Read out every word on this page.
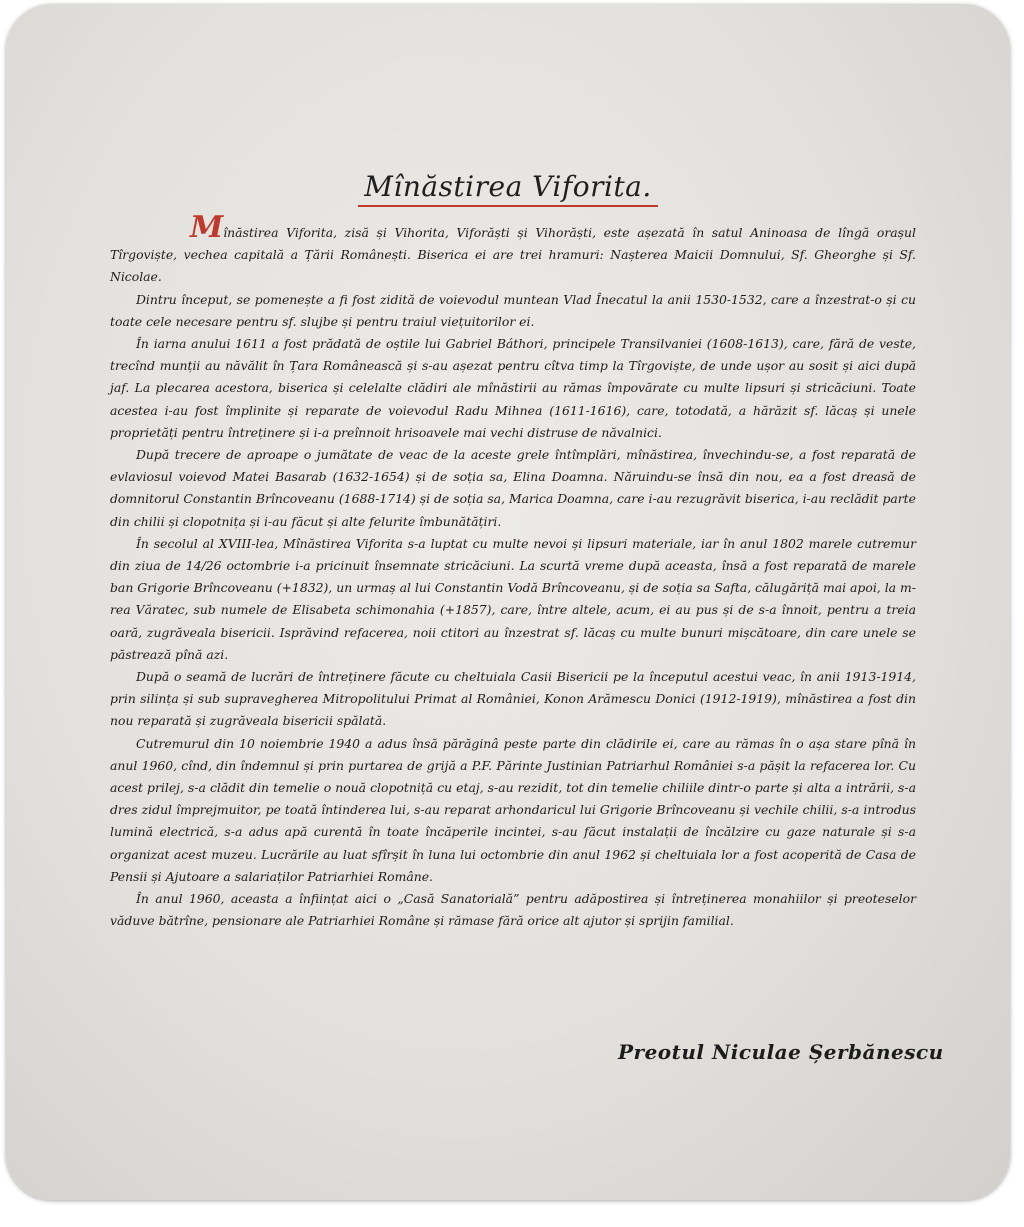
Mînăstirea Viforita.

Mînăstirea Viforita, zisă și Vihorita, Viforăști și Vihorăști, este așezată în satul Aninoasa de lîngă orașul Tîrgoviște, vechea capitală a Țării Românești. Biserica ei are trei hramuri: Nașterea Maicii Domnului, Sf. Gheorghe și Sf. Nicolae.

Dintru început, se pomenește a fi fost zidită de voievodul muntean Vlad Înecatul la anii 1530-1532, care a înzestrat-o și cu toate cele necesare pentru sf. slujbe și pentru traiul viețuitorilor ei.

În iarna anului 1611 a fost prădată de oștile lui Gabriel Báthori, principele Transilvaniei (1608-1613), care, fără de veste, trecînd munții au năvălit în Țara Românească și s-au așezat pentru cîtva timp la Tîrgoviște, de unde ușor au sosit și aici după jaf. La plecarea acestora, biserica și celelalte clădiri ale mînăstirii au rămas împovărate cu multe lipsuri și stricăciuni. Toate acestea i-au fost împlinite și reparate de voievodul Radu Mihnea (1611-1616), care, totodată, a hărăzit sf. lăcaș și unele proprietăți pentru întreținere și i-a preînnoit hrisoavele mai vechi distruse de năvalnici.

După trecere de aproape o jumătate de veac de la aceste grele întîmplări, mînăstirea, învechindu-se, a fost reparată de evlaviosul voievod Matei Basarab (1632-1654) și de soția sa, Elina Doamna. Năruindu-se însă din nou, ea a fost dreasă de domnitorul Constantin Brîncoveanu (1688-1714) și de soția sa, Marica Doamna, care i-au rezugrăvit biserica, i-au reclădit parte din chilii și clopotnița și i-au făcut și alte felurite îmbunătățiri.

În secolul al XVIII-lea, Mînăstirea Viforita s-a luptat cu multe nevoi și lipsuri materiale, iar în anul 1802 marele cutremur din ziua de 14/26 octombrie i-a pricinuit însemnate stricăciuni. La scurtă vreme după aceasta, însă a fost reparată de marele ban Grigorie Brîncoveanu (+1832), un urmaș al lui Constantin Vodă Brîncoveanu, și de soția sa Safta, călugăriță mai apoi, la m-rea Văratec, sub numele de Elisabeta schimonahia (+1857), care, între altele, acum, ei au pus și de s-a înnoit, pentru a treia oară, zugrăveala bisericii. Isprăvind refacerea, noii ctitori au înzestrat sf. lăcaș cu multe bunuri mișcătoare, din care unele se păstrează pînă azi.

După o seamă de lucrări de întreținere făcute cu cheltuiala Casii Bisericii pe la începutul acestui veac, în anii 1913-1914, prin silința și sub supravegherea Mitropolitului Primat al României, Konon Arămescu Donici (1912-1919), mînăstirea a fost din nou reparată și zugrăveala bisericii spălată.

Cutremurul din 10 noiembrie 1940 a adus însă părăginâ peste parte din clădirile ei, care au rămas în o așa stare pînă în anul 1960, cînd, din îndemnul și prin purtarea de grijă a P.F. Părinte Justinian Patriarhul României s-a pășit la refacerea lor. Cu acest prilej, s-a clădit din temelie o nouă clopotniță cu etaj, s-au rezidit, tot din temelie chiliile dintr-o parte și alta a intrării, s-a dres zidul împrejmuitor, pe toată întinderea lui, s-au reparat arhondaricul lui Grigorie Brîncoveanu și vechile chilii, s-a introdus lumină electrică, s-a adus apă curentă în toate încăperile incintei, s-au făcut instalații de încălzire cu gaze naturale și s-a organizat acest muzeu. Lucrările au luat sfîrșit în luna lui octombrie din anul 1962 și cheltuiala lor a fost acoperită de Casa de Pensii și Ajutoare a salariaților Patriarhiei Române.

În anul 1960, aceasta a înființat aici o „Casă Sanatorială” pentru adăpostirea și întreținerea monahiilor și preoteselor văduve bătrîne, pensionare ale Patriarhiei Române și rămase fără orice alt ajutor și sprijin familial.

Preotul Niculae Șerbănescu
